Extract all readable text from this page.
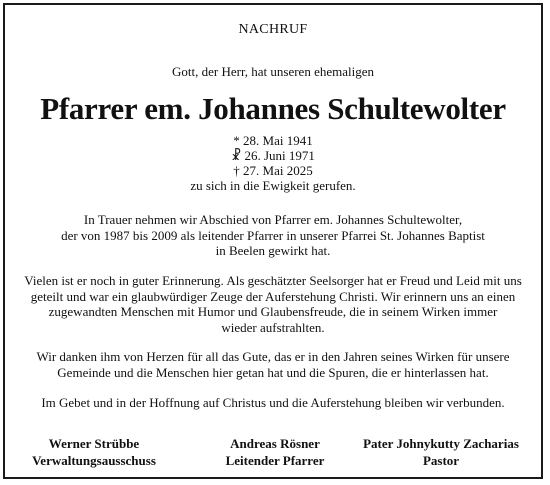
NACHRUF
Gott, der Herr, hat unseren ehemaligen
Pfarrer em. Johannes Schultewolter
* 28. Mai 1941
☧ 26. Juni 1971
† 27. Mai 2025
zu sich in die Ewigkeit gerufen.
In Trauer nehmen wir Abschied von Pfarrer em. Johannes Schultewolter,
der von 1987 bis 2009 als leitender Pfarrer in unserer Pfarrei St. Johannes Baptist
in Beelen gewirkt hat.
Vielen ist er noch in guter Erinnerung. Als geschätzter Seelsorger hat er Freud und Leid mit uns
geteilt und war ein glaubwürdiger Zeuge der Auferstehung Christi. Wir erinnern uns an einen
zugewandten Menschen mit Humor und Glaubensfreude, die in seinem Wirken immer
wieder aufstrahlten.
Wir danken ihm von Herzen für all das Gute, das er in den Jahren seines Wirken für unsere
Gemeinde und die Menschen hier getan hat und die Spuren, die er hinterlassen hat.
Im Gebet und in der Hoffnung auf Christus und die Auferstehung bleiben wir verbunden.
Werner Strübbe
Verwaltungsausschuss
Andreas Rösner
Leitender Pfarrer
Pater Johnykutty Zacharias
Pastor
